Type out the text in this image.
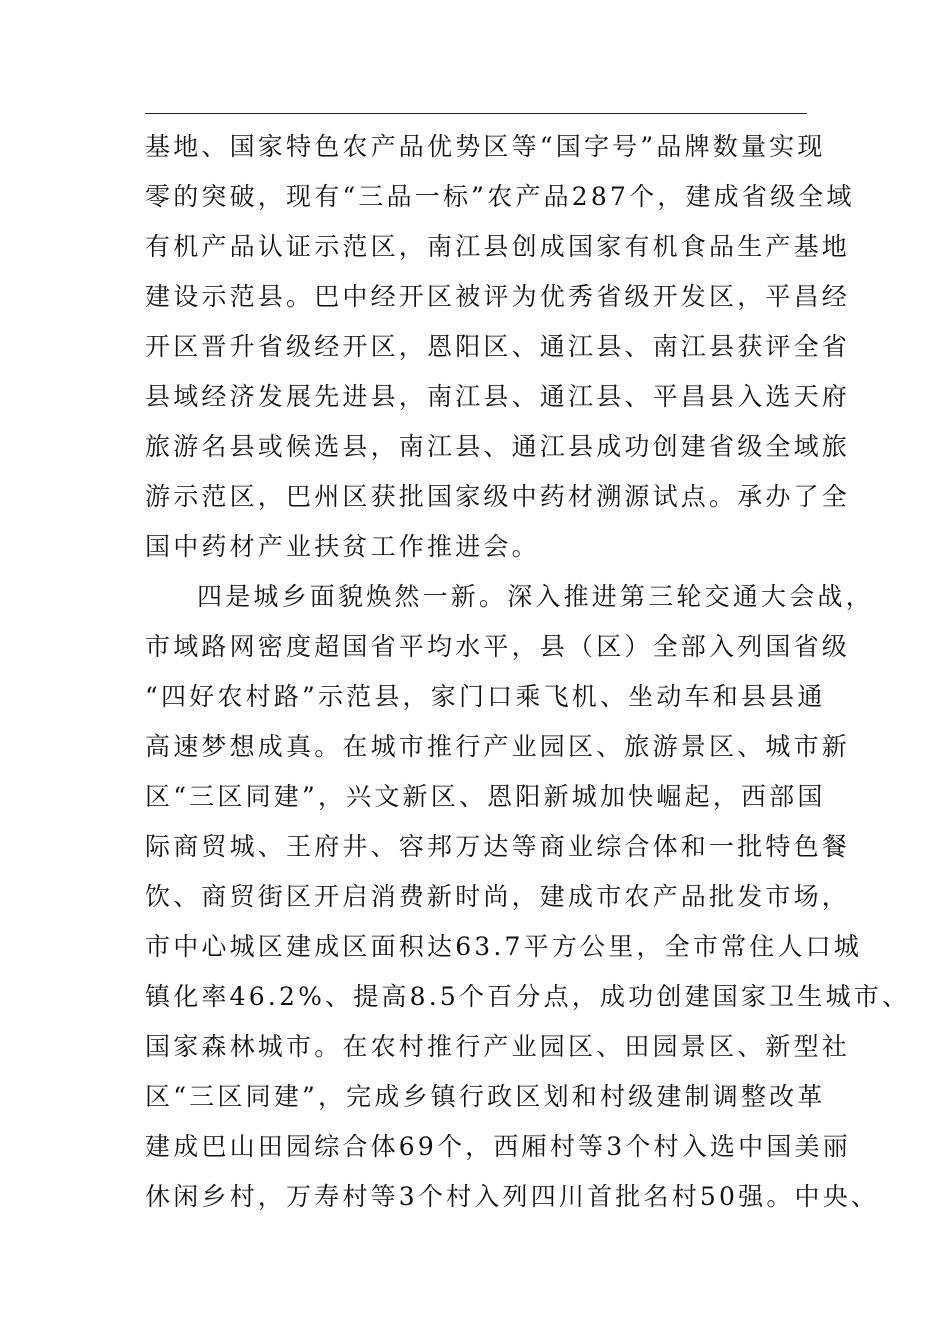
基地、国家特色农产品优势区等“国字号”品牌数量实现
零的突破，现有“三品一标”农产品287个，建成省级全域
有机产品认证示范区，南江县创成国家有机食品生产基地
建设示范县。巴中经开区被评为优秀省级开发区，平昌经
开区晋升省级经开区，恩阳区、通江县、南江县获评全省
县域经济发展先进县，南江县、通江县、平昌县入选天府
旅游名县或候选县，南江县、通江县成功创建省级全域旅
游示范区，巴州区获批国家级中药材溯源试点。承办了全
国中药材产业扶贫工作推进会。
四是城乡面貌焕然一新。深入推进第三轮交通大会战，
市域路网密度超国省平均水平，县（区）全部入列国省级
“四好农村路”示范县，家门口乘飞机、坐动车和县县通
高速梦想成真。在城市推行产业园区、旅游景区、城市新
区“三区同建”，兴文新区、恩阳新城加快崛起，西部国
际商贸城、王府井、容邦万达等商业综合体和一批特色餐
饮、商贸街区开启消费新时尚，建成市农产品批发市场，
市中心城区建成区面积达63.7平方公里，全市常住人口城
镇化率46.2%、提高8.5个百分点，成功创建国家卫生城市、
国家森林城市。在农村推行产业园区、田园景区、新型社
区“三区同建”，完成乡镇行政区划和村级建制调整改革
建成巴山田园综合体69个，西厢村等3个村入选中国美丽
休闲乡村，万寿村等3个村入列四川首批名村50强。中央、
